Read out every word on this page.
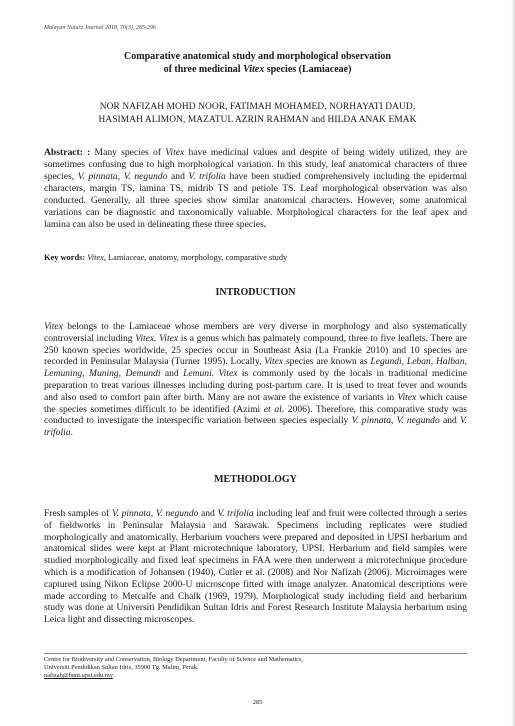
Malayan Nature Journal 2018, 70(3), 285-296
Comparative anatomical study and morphological observation
of three medicinal Vitex species (Lamiaceae)
NOR NAFIZAH MOHD NOOR, FATIMAH MOHAMED, NORHAYATI DAUD,
HASIMAH ALIMON, MAZATUL AZRIN RAHMAN and HILDA ANAK EMAK
Abstract: : Many species of Vitex have medicinal values and despite of being widely utilized, they are sometimes confusing due to high morphological variation. In this study, leaf anatomical characters of three species, V. pinnata, V. negundo and V. trifolia have been studied comprehensively including the epidermal characters, margin TS, lamina TS, midrib TS and petiole TS. Leaf morphological observation was also conducted. Generally, all three species show similar anatomical characters. However, some anatomical variations can be diagnostic and taxonomically valuable. Morphological characters for the leaf apex and lamina can also be used in delineating these three species.
Key words: Vitex, Lamiaceae, anatomy, morphology, comparative study
INTRODUCTION
Vitex belongs to the Lamiaceae whose members are very diverse in morphology and also systematically controversial including Vitex. Vitex is a genus which has palmately compound, three to five leaflets. There are 250 known species worldwide, 25 species occur in Southeast Asia (La Frankie 2010) and 10 species are recorded in Peninsular Malaysia (Turner 1995). Locally, Vitex species are known as Legundi, Leban, Halban, Lemuning, Muning, Demundi and Lemuni. Vitex is commonly used by the locals in traditional medicine preparation to treat various illnesses including during post-partum care. It is used to treat fever and wounds and also used to comfort pain after birth. Many are not aware the existence of variants in Vitex which cause the species sometimes difficult to be identified (Azimi et al. 2006). Therefore, this comparative study was conducted to investigate the interspecific variation between species especially V. pinnata, V. negundo and V. trifolia.
METHODOLOGY
Fresh samples of V. pinnata, V. negundo and V. trifolia including leaf and fruit were collected through a series of fieldworks in Peninsular Malaysia and Sarawak. Specimens including replicates were studied morphologically and anatomically. Herbarium vouchers were prepared and deposited in UPSI herbarium and anatomical slides were kept at Plant microtechnique laboratory, UPSI. Herbarium and field samples were studied morphologically and fixed leaf specimens in FAA were then underwent a microtechnique procedure which is a modification of Johansen (1940), Cutler et al. (2008) and Nor Nafizah (2006). Microimages were captured using Nikon Eclipse 2000-U microscope fitted with image analyzer. Anatomical descriptions were made according to Metcalfe and Chalk (1969, 1979). Morphological study including field and herbarium study was done at Universiti Pendidikan Sultan Idris and Forest Research Institute Malaysia herbarium using Leica light and dissecting microscopes.
Centre for Biodiversity and Conservation, Biology Department, Faculty of Science and Mathematics,
Universiti Pendidikan Sultan Idris, 35900 Tg. Malim, Perak.
nafizah@fsmt.upsi.edu.my
285
